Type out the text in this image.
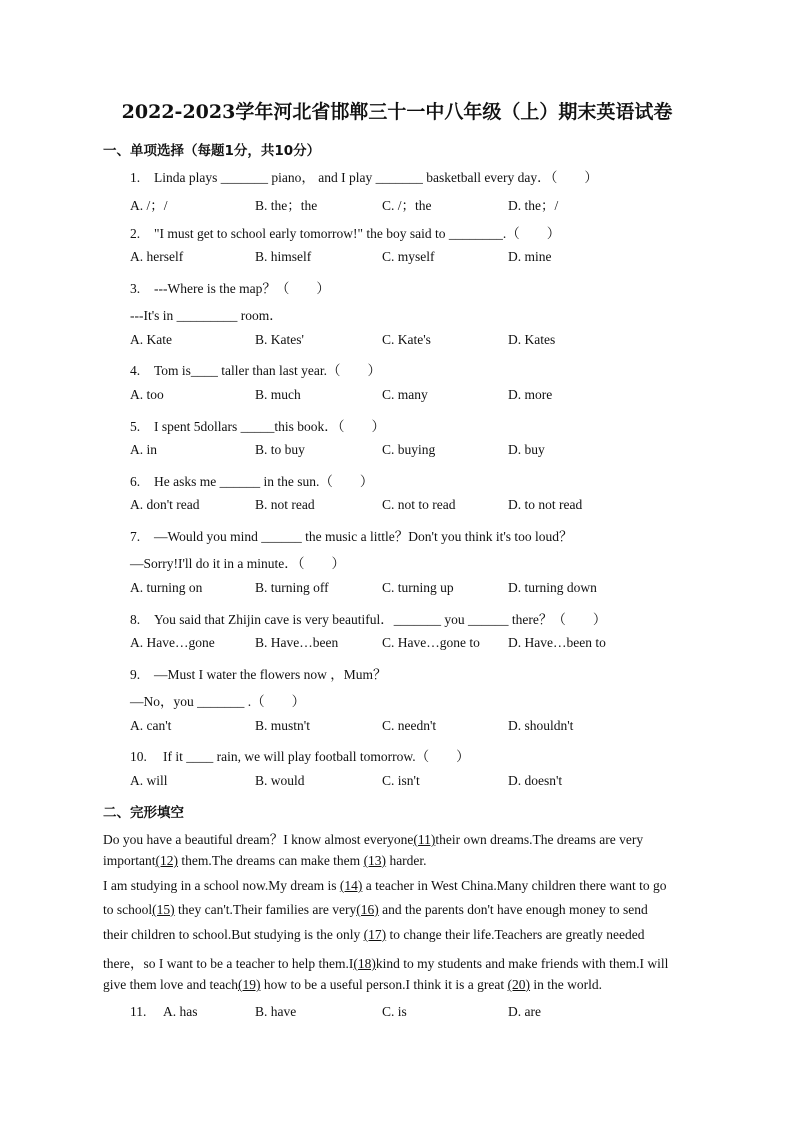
2022-2023学年河北省邯郸三十一中八年级（上）期末英语试卷
一、单项选择（每题1分，共10分）
1. Linda plays _______ piano， and I play _______ basketball every day．（　　）
A. /；/	B. the；the	C. /；the	D. the；/
2. "I must get to school early tomorrow!" the boy said to ________.（　　）
A. herself	B. himself	C. myself	D. mine
3. ---Where is the map？（　　）
---It's in _________ room．
A. Kate	B. Kates'	C. Kate's	D. Kates
4. Tom is____ taller than last year.（　　）
A. too	B. much	C. many	D. more
5. I spent 5dollars _____this book．（　　）
A. in	B. to buy	C. buying	D. buy
6. He asks me ______ in the sun.（　　）
A. don't read	B. not read	C. not to read	D. to not read
7. —Would you mind ______ the music a little？Don't you think it's too loud？
—Sorry!I'll do it in a minute．（　　）
A. turning on	B. turning off	C. turning up	D. turning down
8. You said that Zhijin cave is very beautiful．_______ you ______ there？（　　）
A. Have…gone	B. Have…been	C. Have…gone to D. Have…been to
9. —Must I water the flowers now ，Mum？
—No，you _______ .（　　）
A. can't	B. mustn't	C. needn't	D. shouldn't
10. If it ____ rain, we will play football tomorrow.（　　）
A. will	B. would	C. isn't	D. doesn't
二、完形填空
Do you have a beautiful dream？I know almost everyone(11)their own dreams.The dreams are very
important(12) them.The dreams can make them (13) harder.
I am studying in a school now.My dream is (14) a teacher in West China.Many children there want to go
to school(15) they can't.Their families are very(16) and the parents don't have enough money to send
their children to school.But studying is the only (17) to change their life.Teachers are greatly needed
there，so I want to be a teacher to help them.I(18)kind to my students and make friends with them.I will
give them love and teach(19) how to be a useful person.I think it is a great (20) in the world.
11. A. has	B. have	C. is	D. are
